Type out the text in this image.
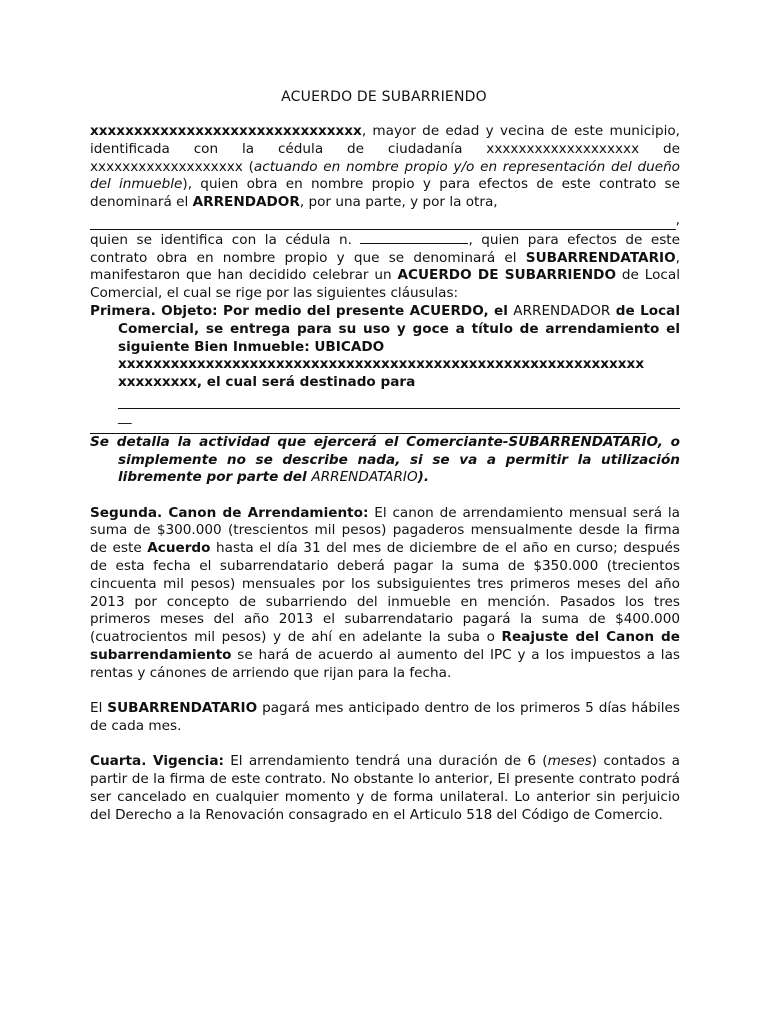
ACUERDO DE SUBARRIENDO

xxxxxxxxxxxxxxxxxxxxxxxxxxxxxxx, mayor de edad y vecina de este municipio, identificada con la cédula de ciudadanía xxxxxxxxxxxxxxxxxxx de xxxxxxxxxxxxxxxxxxx (actuando en nombre propio y/o en representación del dueño del inmueble), quien obra en nombre propio y para efectos de este contrato se denominará el ARRENDADOR, por una parte, y por la otra,

,

quien se identifica con la cédula n.	, quien para efectos de este contrato obra en nombre propio y que se denominará el SUBARRENDATARIO, manifestaron que han decidido celebrar un ACUERDO DE SUBARRIENDO de Local Comercial, el cual se rige por las siguientes cláusulas:

Primera. Objeto: Por medio del presente ACUERDO, el ARRENDADOR de Local Comercial, se entrega para su uso y goce a título de arrendamiento el siguiente Bien Inmueble: UBICADO
xxxxxxxxxxxxxxxxxxxxxxxxxxxxxxxxxxxxxxxxxxxxxxxxxxxxxxxxxxxx
xxxxxxxxx, el cual será destinado para

__

Se detalla la actividad que ejercerá el Comerciante-SUBARRENDATARIO, o simplemente no se describe nada, si se va a permitir la utilización libremente por parte del ARRENDATARIO).

Segunda. Canon de Arrendamiento: El canon de arrendamiento mensual será la suma de $300.000 (trescientos mil pesos) pagaderos mensualmente desde la firma de este Acuerdo hasta el día 31 del mes de diciembre de el año en curso; después de esta fecha el subarrendatario deberá pagar la suma de $350.000 (trecientos cincuenta mil pesos) mensuales por los subsiguientes tres primeros meses del año 2013 por concepto de subarriendo del inmueble en mención. Pasados los tres primeros meses del año 2013 el subarrendatario pagará la suma de $400.000 (cuatrocientos mil pesos) y de ahí en adelante la suba o Reajuste del Canon de subarrendamiento se hará de acuerdo al aumento del IPC y a los impuestos a las rentas y cánones de arriendo que rijan para la fecha.

El SUBARRENDATARIO pagará mes anticipado dentro de los primeros 5 días hábiles de cada mes.

Cuarta. Vigencia: El arrendamiento tendrá una duración de 6 (meses) contados a partir de la firma de este contrato. No obstante lo anterior, El presente contrato podrá ser cancelado en cualquier momento y de forma unilateral. Lo anterior sin perjuicio del Derecho a la Renovación consagrado en el Articulo 518 del Código de Comercio.
